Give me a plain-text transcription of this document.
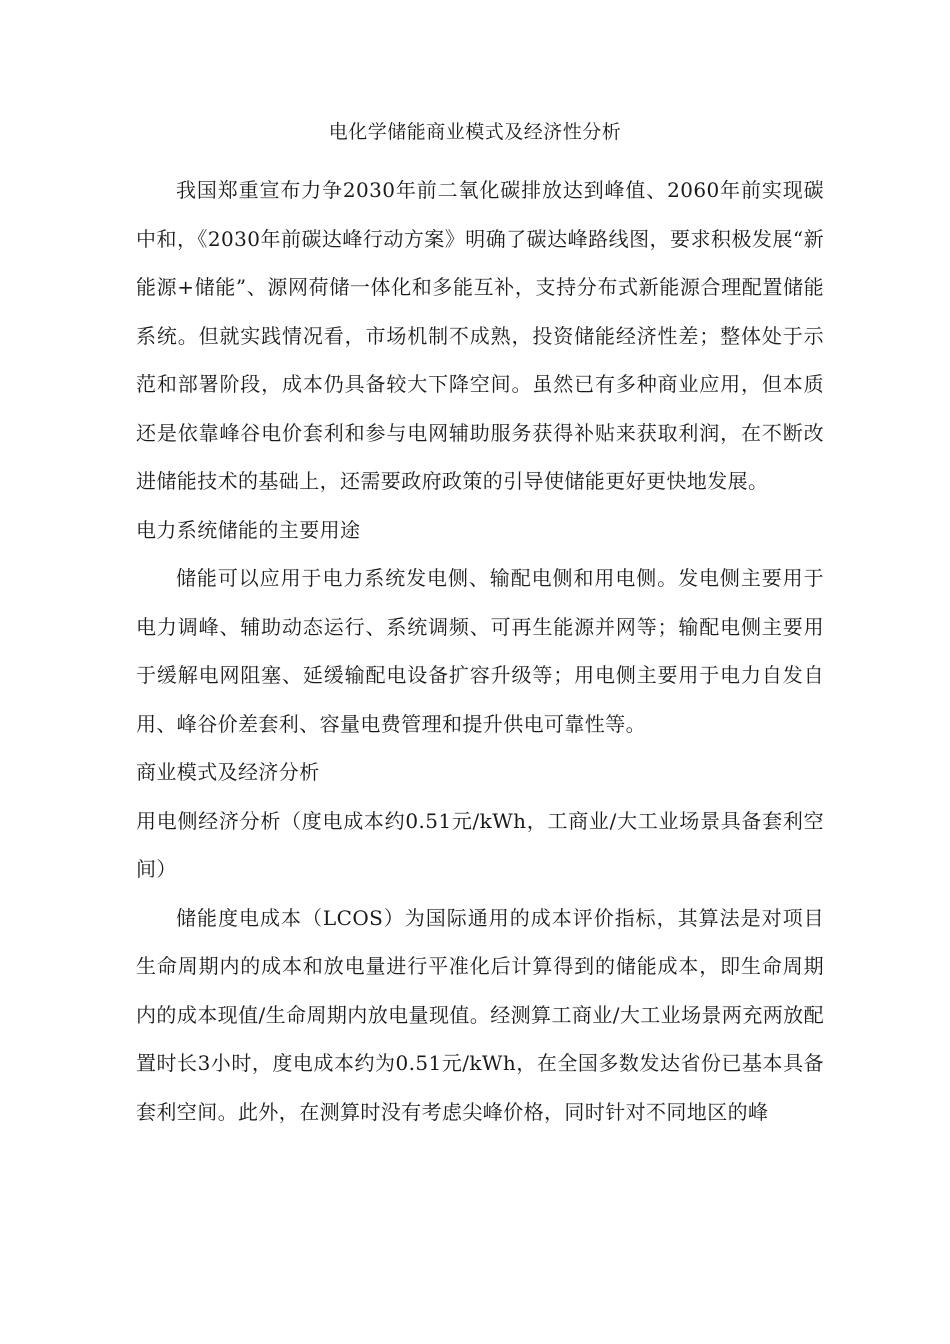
电化学储能商业模式及经济性分析

我国郑重宣布力争2030年前二氧化碳排放达到峰值、2060年前实现碳中和，《2030年前碳达峰行动方案》明确了碳达峰路线图，要求积极发展“新能源+储能”、源网荷储一体化和多能互补，支持分布式新能源合理配置储能系统。但就实践情况看，市场机制不成熟，投资储能经济性差；整体处于示范和部署阶段，成本仍具备较大下降空间。虽然已有多种商业应用，但本质还是依靠峰谷电价套利和参与电网辅助服务获得补贴来获取利润，在不断改进储能技术的基础上，还需要政府政策的引导使储能更好更快地发展。

电力系统储能的主要用途

储能可以应用于电力系统发电侧、输配电侧和用电侧。发电侧主要用于电力调峰、辅助动态运行、系统调频、可再生能源并网等；输配电侧主要用于缓解电网阻塞、延缓输配电设备扩容升级等；用电侧主要用于电力自发自用、峰谷价差套利、容量电费管理和提升供电可靠性等。

商业模式及经济分析

用电侧经济分析（度电成本约0.51元/kWh，工商业/大工业场景具备套利空间）

储能度电成本（LCOS）为国际通用的成本评价指标，其算法是对项目生命周期内的成本和放电量进行平准化后计算得到的储能成本，即生命周期内的成本现值/生命周期内放电量现值。经测算工商业/大工业场景两充两放配置时长3小时，度电成本约为0.51元/kWh，在全国多数发达省份已基本具备套利空间。此外，在测算时没有考虑尖峰价格，同时针对不同地区的峰
